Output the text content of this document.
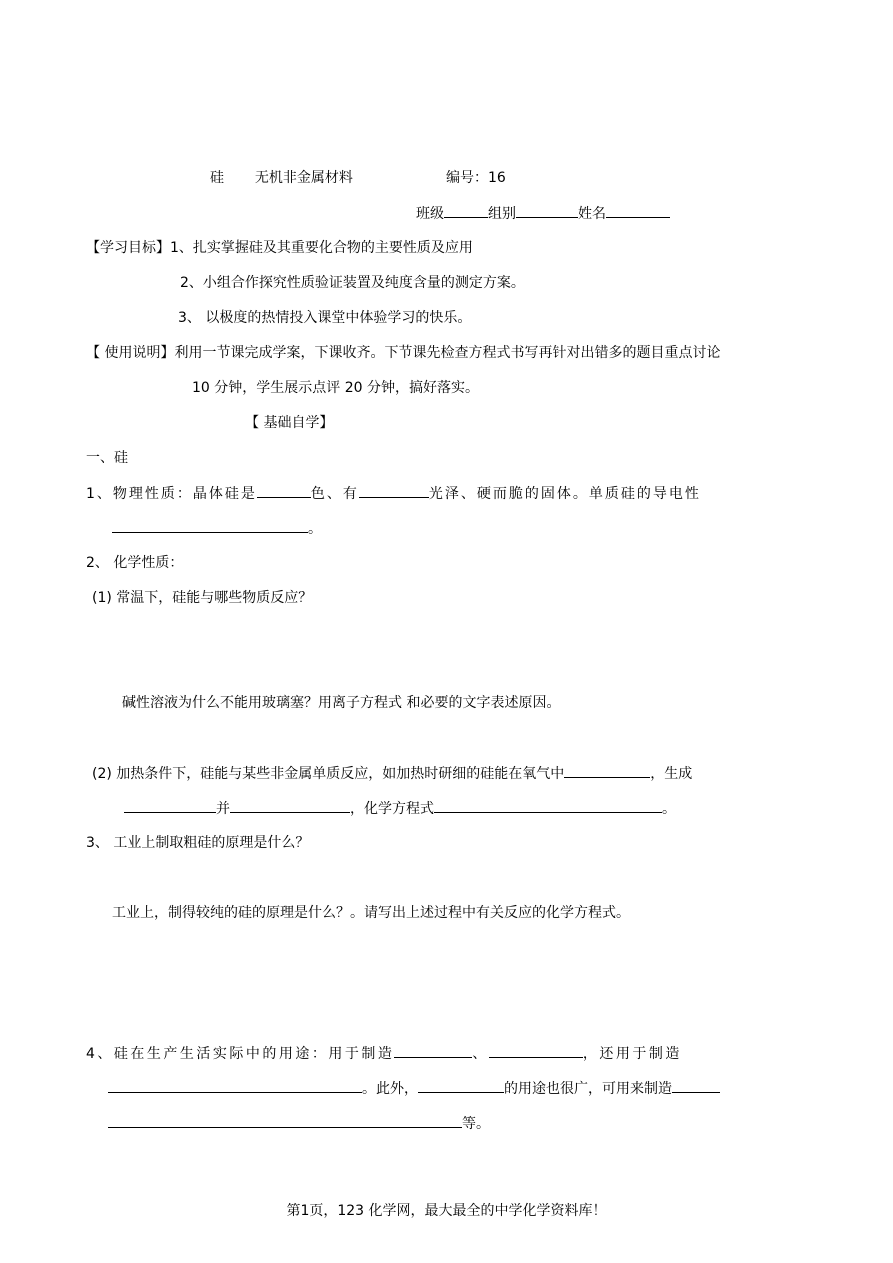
硅 无机非金属材料	编号：16
班级	组别	姓名
【学习目标】1、扎实掌握硅及其重要化合物的主要性质及应用
2、小组合作探究性质验证装置及纯度含量的测定方案。
3、 以极度的热情投入课堂中体验学习的快乐。
【 使用说明】利用一节课完成学案，下课收齐。下节课先检查方程式书写再针对出错多的题目重点讨论
10 分钟，学生展示点评 20 分钟，搞好落实。
【 基础自学】
一、硅
1、物理性质：晶体硅是	色、有	光泽、硬而脆的固体。单质硅的导电性
。
2、 化学性质：
(1) 常温下，硅能与哪些物质反应？
碱性溶液为什么不能用玻璃塞？用离子方程式 和必要的文字表述原因。
(2) 加热条件下，硅能与某些非金属单质反应，如加热时研细的硅能在氧气中	，生成
并	，化学方程式	。
3、 工业上制取粗硅的原理是什么？
工业上，制得较纯的硅的原理是什么？。请写出上述过程中有关反应的化学方程式。
4、硅在生产生活实际中的用途：用于制造	、	，还用于制造
。此外，	的用途也很广，可用来制造
等。
第1页，123 化学网，最大最全的中学化学资料库！
